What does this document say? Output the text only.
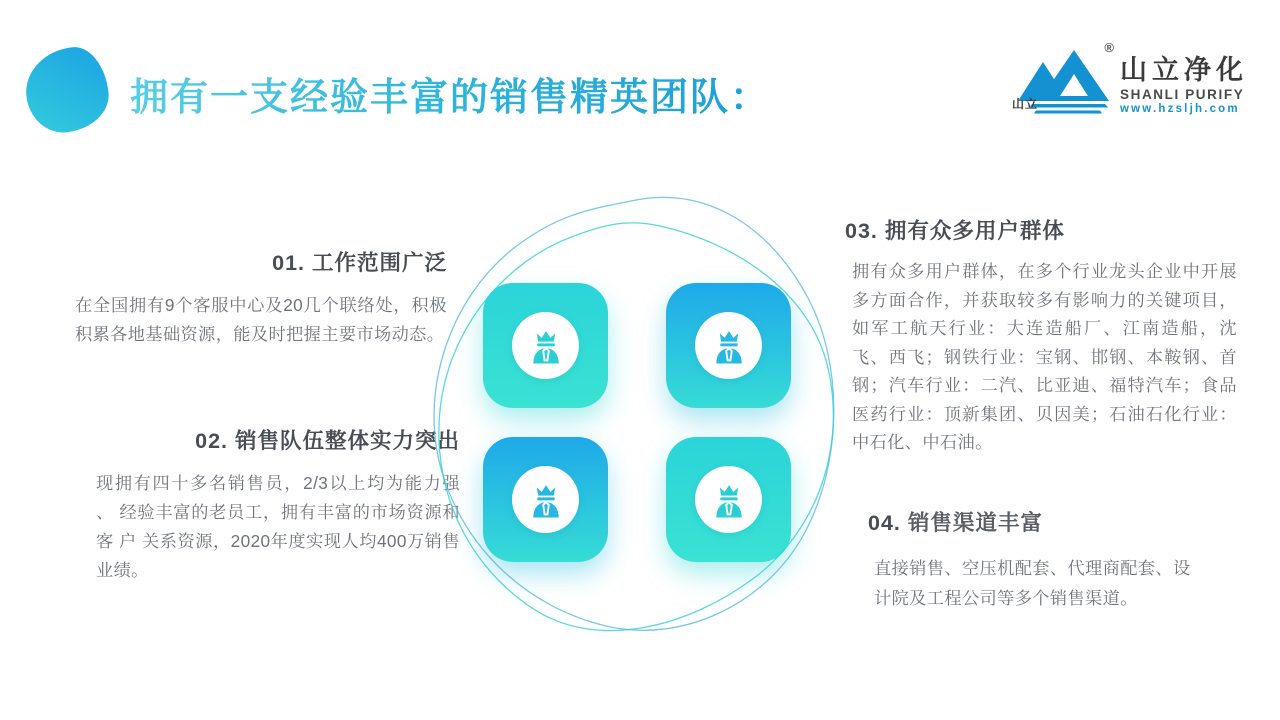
拥有一支经验丰富的销售精英团队：
®
山立
山立净化
SHANLI PURIFY
www.hzsljh.com
01. 工作范围广泛
在全国拥有9个客服中心及20几个联络处，积极积累各地基础资源，能及时把握主要市场动态。
02. 销售队伍整体实力突出
现拥有四十多名销售员，2/3以上均为能力强 、 经验丰富的老员工，拥有丰富的市场资源和客 户 关系资源，2020年度实现人均400万销售业绩。
03. 拥有众多用户群体
拥有众多用户群体，在多个行业龙头企业中开展多方面合作，并获取较多有影响力的关键项目，如军工航天行业：大连造船厂、江南造船，沈飞、西飞；钢铁行业：宝钢、邯钢、本鞍钢、首钢；汽车行业：二汽、比亚迪、福特汽车；食品医药行业：顶新集团、贝因美；石油石化行业：中石化、中石油。
04. 销售渠道丰富
直接销售、空压机配套、代理商配套、设计院及工程公司等多个销售渠道。
